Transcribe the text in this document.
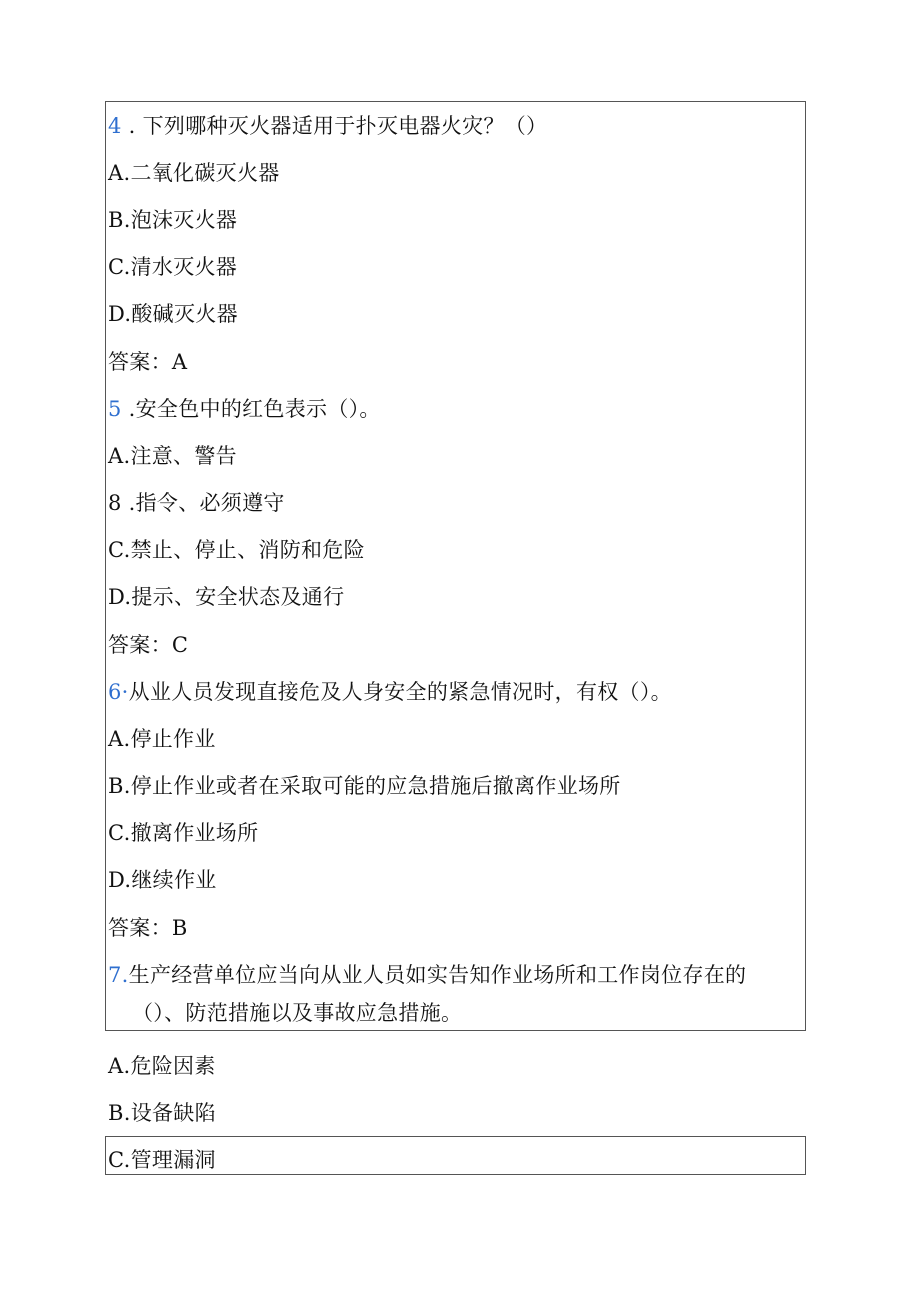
4 . 下列哪种灭火器适用于扑灭电器火灾？（）
A.二氧化碳灭火器
B.泡沫灭火器
C.清水灭火器
D.酸碱灭火器
答案：A
5 .安全色中的红色表示（）。
A.注意、警告
8 .指令、必须遵守
C.禁止、停止、消防和危险
D.提示、安全状态及通行
答案：C
6·从业人员发现直接危及人身安全的紧急情况时，有权（）。
A.停止作业
B.停止作业或者在采取可能的应急措施后撤离作业场所
C.撤离作业场所
D.继续作业
答案：B
7.生产经营单位应当向从业人员如实告知作业场所和工作岗位存在的
（）、防范措施以及事故应急措施。
A.危险因素
B.设备缺陷
C.管理漏洞
